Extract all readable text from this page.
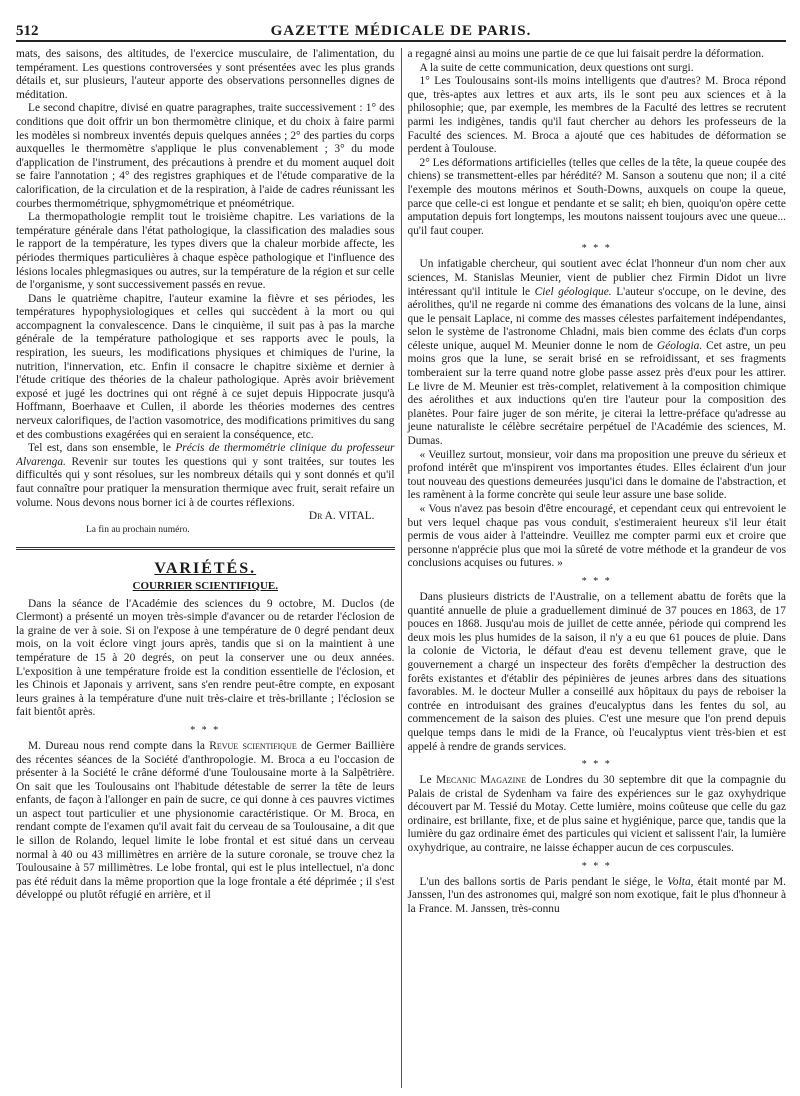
512	GAZETTE MÉDICALE DE PARIS.

mats, des saisons, des altitudes, de l'exercice musculaire, de l'alimentation, du tempérament. Les questions controversées y sont présentées avec les plus grands détails et, sur plusieurs, l'auteur apporte des observations personnelles dignes de méditation.

Le second chapitre, divisé en quatre paragraphes, traite successivement : 1° des conditions que doit offrir un bon thermomètre clinique, et du choix à faire parmi les modèles si nombreux inventés depuis quelques années ; 2° des parties du corps auxquelles le thermomètre s'applique le plus convenablement ; 3° du mode d'application de l'instrument, des précautions à prendre et du moment auquel doit se faire l'annotation ; 4° des registres graphiques et de l'étude comparative de la calorification, de la circulation et de la respiration, à l'aide de cadres réunissant les courbes thermométrique, sphygmométrique et pnéométrique.

La thermopathologie remplit tout le troisième chapitre. Les variations de la température générale dans l'état pathologique, la classification des maladies sous le rapport de la température, les types divers que la chaleur morbide affecte, les périodes thermiques particulières à chaque espèce pathologique et l'influence des lésions locales phlegmasiques ou autres, sur la température de la région et sur celle de l'organisme, y sont successivement passés en revue.

Dans le quatrième chapitre, l'auteur examine la fièvre et ses périodes, les températures hypophysiologiques et celles qui succèdent à la mort ou qui accompagnent la convalescence. Dans le cinquième, il suit pas à pas la marche générale de la température pathologique et ses rapports avec le pouls, la respiration, les sueurs, les modifications physiques et chimiques de l'urine, la nutrition, l'innervation, etc. Enfin il consacre le chapitre sixième et dernier à l'étude critique des théories de la chaleur pathologique. Après avoir brièvement exposé et jugé les doctrines qui ont régné à ce sujet depuis Hippocrate jusqu'à Hoffmann, Boerhaave et Cullen, il aborde les théories modernes des centres nerveux calorifiques, de l'action vasomotrice, des modifications primitives du sang et des combustions exagérées qui en seraient la conséquence, etc.

Tel est, dans son ensemble, le Précis de thermométrie clinique du professeur Alvarenga. Revenir sur toutes les questions qui y sont traitées, sur toutes les difficultés qui y sont résolues, sur les nombreux détails qui y sont donnés et qu'il faut connaître pour pratiquer la mensuration thermique avec fruit, serait refaire un volume. Nous devons nous borner ici à de courtes réflexions.

Dr A. VITAL.

La fin au prochain numéro.

VARIÉTÉS.

COURRIER SCIENTIFIQUE.

Dans la séance de l'Académie des sciences du 9 octobre, M. Duclos (de Clermont) a présenté un moyen très-simple d'avancer ou de retarder l'éclosion de la graine de ver à soie. Si on l'expose à une température de 0 degré pendant deux mois, on la voit éclore vingt jours après, tandis que si on la maintient à une température de 15 à 20 degrés, on peut la conserver une ou deux années. L'exposition à une température froide est la condition essentielle de l'éclosion, et les Chinois et Japonais y arrivent, sans s'en rendre peut-être compte, en exposant leurs graines à la température d'une nuit très-claire et très-brillante ; l'éclosion se fait bientôt après.

* * *

M. Dureau nous rend compte dans la Revue scientifique de Germer Baillière des récentes séances de la Société d'anthropologie. M. Broca a eu l'occasion de présenter à la Société le crâne déformé d'une Toulousaine morte à la Salpêtrière. On sait que les Toulousains ont l'habitude détestable de serrer la tête de leurs enfants, de façon à l'allonger en pain de sucre, ce qui donne à ces pauvres victimes un aspect tout particulier et une physionomie caractéristique. Or M. Broca, en rendant compte de l'examen qu'il avait fait du cerveau de sa Toulousaine, a dit que le sillon de Rolando, lequel limite le lobe frontal et est situé dans un cerveau normal à 40 ou 43 millimètres en arrière de la suture coronale, se trouve chez la Toulousaine à 57 millimètres. Le lobe frontal, qui est le plus intellectuel, n'a donc pas été réduit dans la même proportion que la loge frontale a été déprimée ; il s'est développé ou plutôt réfugié en arrière, et il

a regagné ainsi au moins une partie de ce que lui faisait perdre la déformation.

A la suite de cette communication, deux questions ont surgi.

1° Les Toulousains sont-ils moins intelligents que d'autres? M. Broca répond que, très-aptes aux lettres et aux arts, ils le sont peu aux sciences et à la philosophie; que, par exemple, les membres de la Faculté des lettres se recrutent parmi les indigènes, tandis qu'il faut chercher au dehors les professeurs de la Faculté des sciences. M. Broca a ajouté que ces habitudes de déformation se perdent à Toulouse.

2° Les déformations artificielles (telles que celles de la tête, la queue coupée des chiens) se transmettent-elles par hérédité? M. Sanson a soutenu que non; il a cité l'exemple des moutons mérinos et South-Downs, auxquels on coupe la queue, parce que celle-ci est longue et pendante et se salit; eh bien, quoiqu'on opère cette amputation depuis fort longtemps, les moutons naissent toujours avec une queue... qu'il faut couper.

* * *

Un infatigable chercheur, qui soutient avec éclat l'honneur d'un nom cher aux sciences, M. Stanislas Meunier, vient de publier chez Firmin Didot un livre intéressant qu'il intitule le Ciel géologique. L'auteur s'occupe, on le devine, des aérolithes, qu'il ne regarde ni comme des émanations des volcans de la lune, ainsi que le pensait Laplace, ni comme des masses célestes parfaitement indépendantes, selon le système de l'astronome Chladni, mais bien comme des éclats d'un corps céleste unique, auquel M. Meunier donne le nom de Géologia. Cet astre, un peu moins gros que la lune, se serait brisé en se refroidissant, et ses fragments tomberaient sur la terre quand notre globe passe assez près d'eux pour les attirer. Le livre de M. Meunier est très-complet, relativement à la composition chimique des aérolithes et aux inductions qu'en tire l'auteur pour la composition des planètes. Pour faire juger de son mérite, je citerai la lettre-préface qu'adresse au jeune naturaliste le célèbre secrétaire perpétuel de l'Académie des sciences, M. Dumas.

« Veuillez surtout, monsieur, voir dans ma proposition une preuve du sérieux et profond intérêt que m'inspirent vos importantes études. Elles éclairent d'un jour tout nouveau des questions demeurées jusqu'ici dans le domaine de l'abstraction, et les ramènent à la forme concrète qui seule leur assure une base solide.

« Vous n'avez pas besoin d'être encouragé, et cependant ceux qui entrevoient le but vers lequel chaque pas vous conduit, s'estimeraient heureux s'il leur était permis de vous aider à l'atteindre. Veuillez me compter parmi eux et croire que personne n'apprécie plus que moi la sûreté de votre méthode et la grandeur de vos conclusions acquises ou futures. »

* * *

Dans plusieurs districts de l'Australie, on a tellement abattu de forêts que la quantité annuelle de pluie a graduellement diminué de 37 pouces en 1863, de 17 pouces en 1868. Jusqu'au mois de juillet de cette année, période qui comprend les deux mois les plus humides de la saison, il n'y a eu que 61 pouces de pluie. Dans la colonie de Victoria, le défaut d'eau est devenu tellement grave, que le gouvernement a chargé un inspecteur des forêts d'empêcher la destruction des forêts existantes et d'établir des pépinières de jeunes arbres dans des situations favorables. M. le docteur Muller a conseillé aux hôpitaux du pays de reboiser la contrée en introduisant des graines d'eucalyptus dans les fentes du sol, au commencement de la saison des pluies. C'est une mesure que l'on prend depuis quelque temps dans le midi de la France, où l'eucalyptus vient très-bien et est appelé à rendre de grands services.

* * *

Le Mecanic Magazine de Londres du 30 septembre dit que la compagnie du Palais de cristal de Sydenham va faire des expériences sur le gaz oxyhydrique découvert par M. Tessié du Motay. Cette lumière, moins coûteuse que celle du gaz ordinaire, est brillante, fixe, et de plus saine et hygiénique, parce que, tandis que la lumière du gaz ordinaire émet des particules qui vicient et salissent l'air, la lumière oxyhydrique, au contraire, ne laisse échapper aucun de ces corpuscules.

* * *

L'un des ballons sortis de Paris pendant le siége, le Volta, était monté par M. Janssen, l'un des astronomes qui, malgré son nom exotique, fait le plus d'honneur à la France. M. Janssen, très-connu
